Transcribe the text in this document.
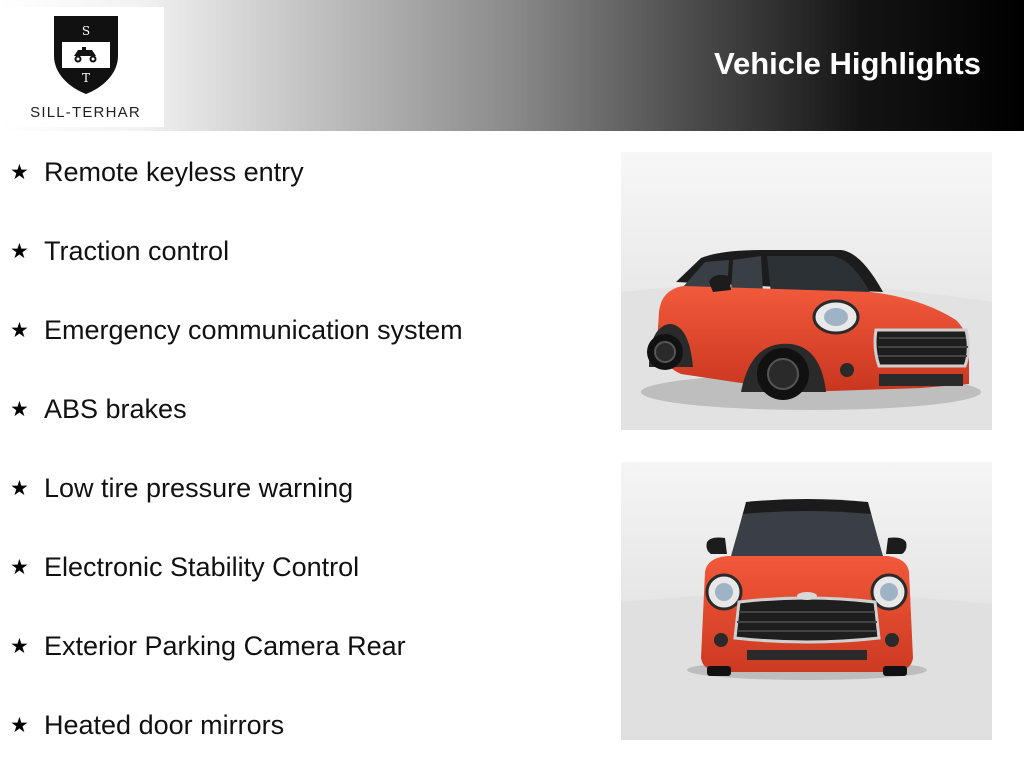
S
T
SILL-TERHAR
Vehicle Highlights
★ Remote keyless entry
★ Traction control
★ Emergency communication system
★ ABS brakes
★ Low tire pressure warning
★ Electronic Stability Control
★ Exterior Parking Camera Rear
★ Heated door mirrors
